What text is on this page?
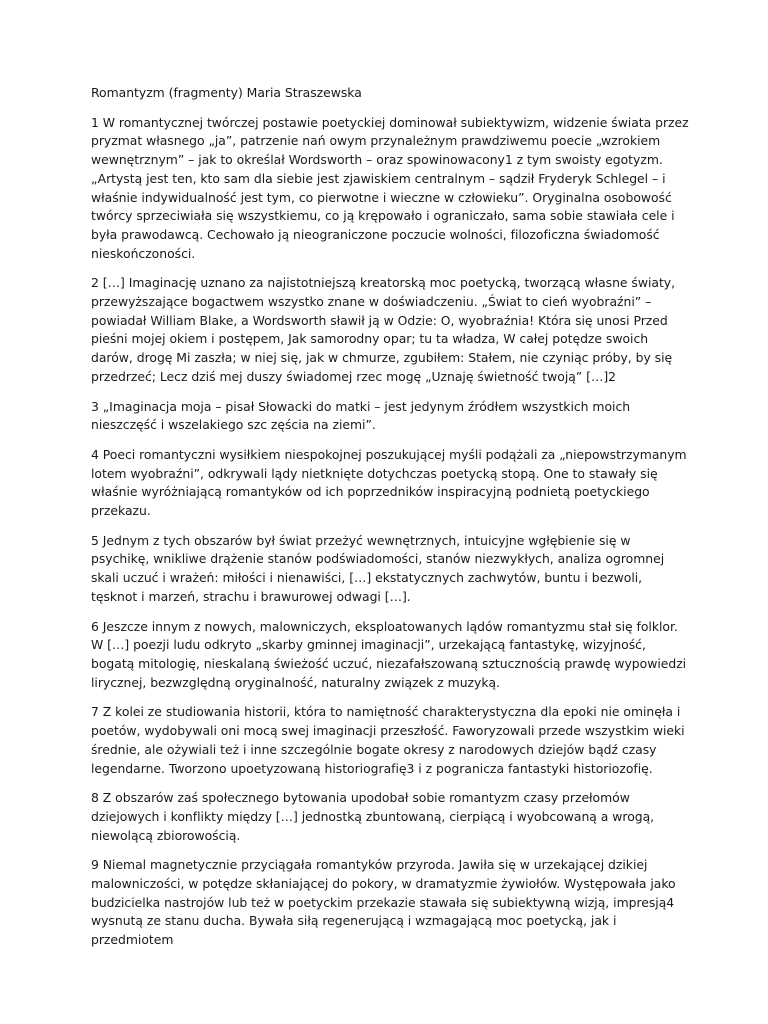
Romantyzm (fragmenty) Maria Straszewska

1 W romantycznej twórczej postawie poetyckiej dominował subiektywizm, widzenie świata przez pryzmat własnego „ja”, patrzenie nań owym przynależnym prawdziwemu poecie „wzrokiem wewnętrznym” – jak to określał Wordsworth – oraz spowinowacony1 z tym swoisty egotyzm. „Artystą jest ten, kto sam dla siebie jest zjawiskiem centralnym – sądził Fryderyk Schlegel – i właśnie indywidualność jest tym, co pierwotne i wieczne w człowieku”. Oryginalna osobowość twórcy sprzeciwiała się wszystkiemu, co ją krępowało i ograniczało, sama sobie stawiała cele i była prawodawcą. Cechowało ją nieograniczone poczucie wolności, filozoficzna świadomość nieskończoności.

2 […] Imaginację uznano za najistotniejszą kreatorską moc poetycką, tworzącą własne światy, przewyższające bogactwem wszystko znane w doświadczeniu. „Świat to cień wyobraźni” – powiadał William Blake, a Wordsworth sławił ją w Odzie: O, wyobraźnia! Która się unosi Przed pieśni mojej okiem i postępem, Jak samorodny opar; tu ta władza, W całej potędze swoich darów, drogę Mi zaszła; w niej się, jak w chmurze, zgubiłem: Stałem, nie czyniąc próby, by się przedrzeć; Lecz dziś mej duszy świadomej rzec mogę „Uznaję świetność twoją” […]2

3 „Imaginacja moja – pisał Słowacki do matki – jest jedynym źródłem wszystkich moich nieszczęść i wszelakiego szc zęścia na ziemi”.

4 Poeci romantyczni wysiłkiem niespokojnej poszukującej myśli podążali za „niepowstrzymanym lotem wyobraźni”, odkrywali lądy nietknięte dotychczas poetycką stopą. One to stawały się właśnie wyróżniającą romantyków od ich poprzedników inspiracyjną podnietą poetyckiego przekazu.

5 Jednym z tych obszarów był świat przeżyć wewnętrznych, intuicyjne wgłębienie się w psychikę, wnikliwe drążenie stanów podświadomości, stanów niezwykłych, analiza ogromnej skali uczuć i wrażeń: miłości i nienawiści, […] ekstatycznych zachwytów, buntu i bezwoli, tęsknot i marzeń, strachu i brawurowej odwagi […].

6 Jeszcze innym z nowych, malowniczych, eksploatowanych lądów romantyzmu stał się folklor. W […] poezji ludu odkryto „skarby gminnej imaginacji”, urzekającą fantastykę, wizyjność, bogatą mitologię, nieskalaną świeżość uczuć, niezafałszowaną sztucznością prawdę wypowiedzi lirycznej, bezwzględną oryginalność, naturalny związek z muzyką.

7 Z kolei ze studiowania historii, która to namiętność charakterystyczna dla epoki nie ominęła i poetów, wydobywali oni mocą swej imaginacji przeszłość. Faworyzowali przede wszystkim wieki średnie, ale ożywiali też i inne szczególnie bogate okresy z narodowych dziejów bądź czasy legendarne. Tworzono upoetyzowaną historiografię3 i z pogranicza fantastyki historiozofię.

8 Z obszarów zaś społecznego bytowania upodobał sobie romantyzm czasy przełomów dziejowych i konflikty między […] jednostką zbuntowaną, cierpiącą i wyobcowaną a wrogą, niewolącą zbiorowością.

9 Niemal magnetycznie przyciągała romantyków przyroda. Jawiła się w urzekającej dzikiej malowniczości, w potędze skłaniającej do pokory, w dramatyzmie żywiołów. Występowała jako budzicielka nastrojów lub też w poetyckim przekazie stawała się subiektywną wizją, impresją4 wysnutą ze stanu ducha. Bywała siłą regenerującą i wzmagającą moc poetycką, jak i przedmiotem
